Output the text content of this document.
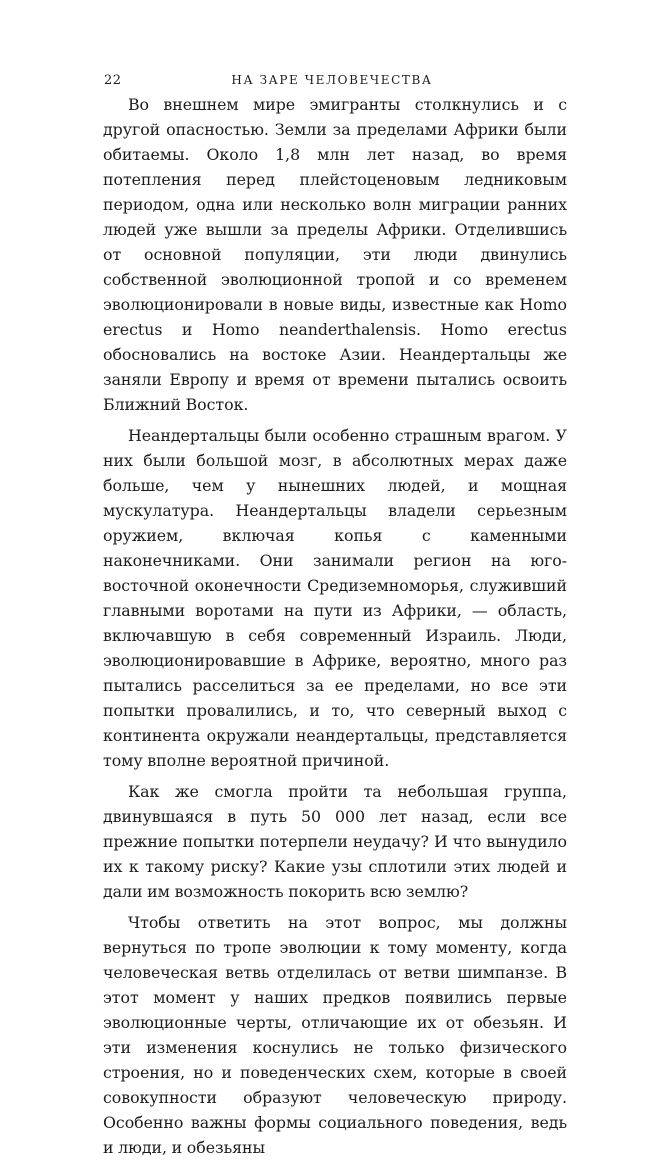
22	НА ЗАРЕ ЧЕЛОВЕЧЕСТВА

Во внешнем мире эмигранты столкнулись и с другой опасностью. Земли за пределами Африки были обитаемы. Около 1,8 млн лет назад, во время потепления перед плейстоценовым ледниковым периодом, одна или несколько волн миграции ранних людей уже вышли за пределы Африки. Отделившись от основной популяции, эти люди двинулись собственной эволюционной тропой и со временем эволюционировали в новые виды, известные как Homo erectus и Homo neanderthalensis. Homo erectus обосновались на востоке Азии. Неандертальцы же заняли Европу и время от времени пытались освоить Ближний Восток.

Неандертальцы были особенно страшным врагом. У них были большой мозг, в абсолютных мерах даже больше, чем у нынешних людей, и мощная мускулатура. Неандертальцы владели серьезным оружием, включая копья с каменными наконечниками. Они занимали регион на юго-восточной оконечности Средиземноморья, служивший главными воротами на пути из Африки, — область, включавшую в себя современный Израиль. Люди, эволюционировавшие в Африке, вероятно, много раз пытались расселиться за ее пределами, но все эти попытки провалились, и то, что северный выход с континента окружали неандертальцы, представляется тому вполне вероятной причиной.

Как же смогла пройти та небольшая группа, двинувшаяся в путь 50 000 лет назад, если все прежние попытки потерпели неудачу? И что вынудило их к такому риску? Какие узы сплотили этих людей и дали им возможность покорить всю землю?

Чтобы ответить на этот вопрос, мы должны вернуться по тропе эволюции к тому моменту, когда человеческая ветвь отделилась от ветви шимпанзе. В этот момент у наших предков появились первые эволюционные черты, отличающие их от обезьян. И эти изменения коснулись не только физического строения, но и поведенческих схем, которые в своей совокупности образуют человеческую природу. Особенно важны формы социального поведения, ведь и люди, и обезьяны
